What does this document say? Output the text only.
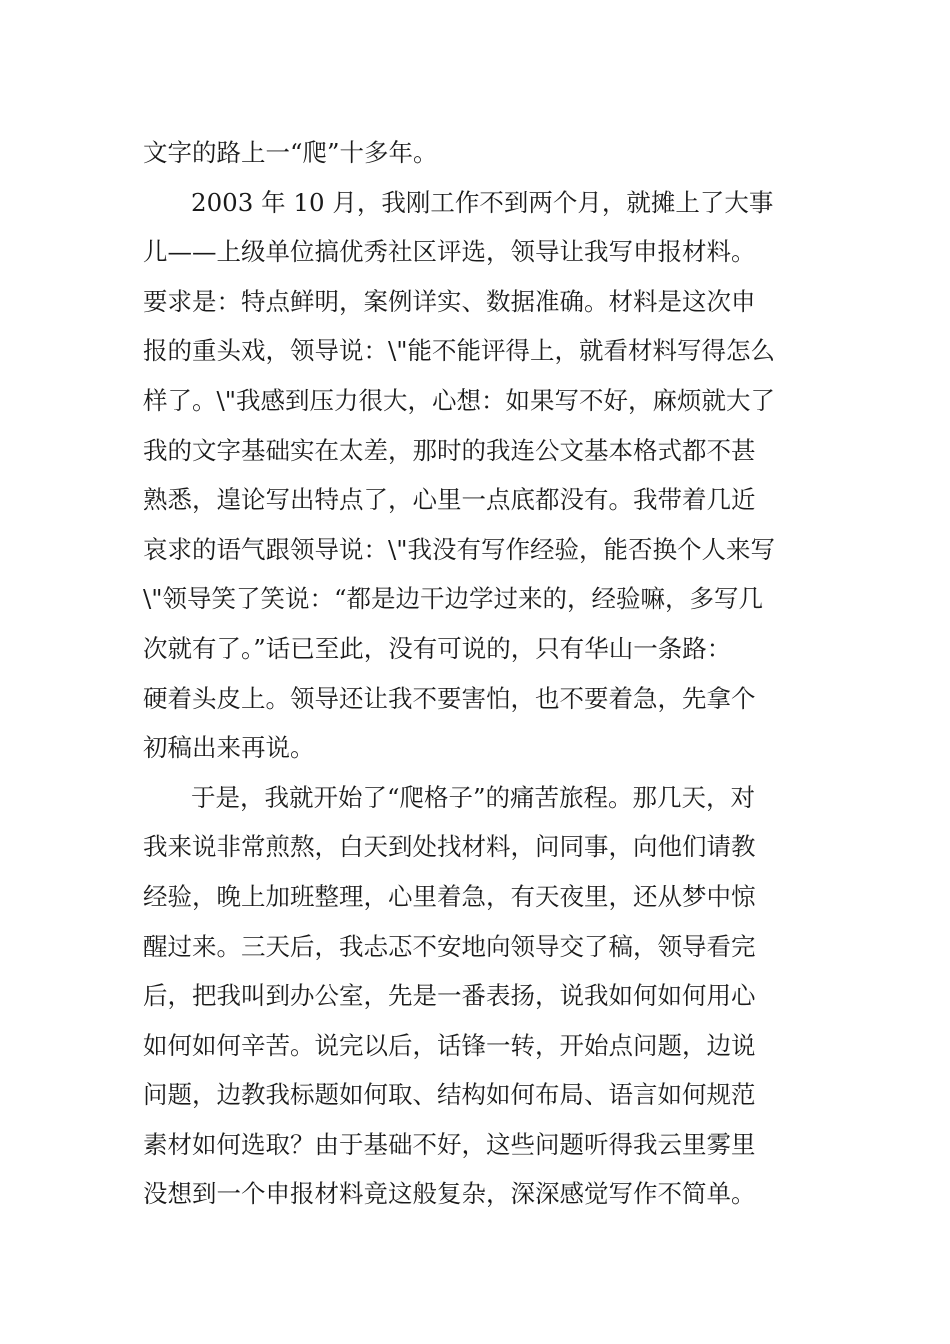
文字的路上一“爬”十多年。
2003 年 10 月，我刚工作不到两个月，就摊上了大事
儿——上级单位搞优秀社区评选，领导让我写申报材料。
要求是：特点鲜明，案例详实、数据准确。材料是这次申
报的重头戏，领导说：\"能不能评得上，就看材料写得怎么
样了。\"我感到压力很大，心想：如果写不好，麻烦就大了
我的文字基础实在太差，那时的我连公文基本格式都不甚
熟悉，遑论写出特点了，心里一点底都没有。我带着几近
哀求的语气跟领导说：\"我没有写作经验，能否换个人来写
\"领导笑了笑说：“都是边干边学过来的，经验嘛，多写几
次就有了。”话已至此，没有可说的，只有华山一条路：
硬着头皮上。领导还让我不要害怕，也不要着急，先拿个
初稿出来再说。
于是，我就开始了“爬格子”的痛苦旅程。那几天，对
我来说非常煎熬，白天到处找材料，问同事，向他们请教
经验，晚上加班整理，心里着急，有天夜里，还从梦中惊
醒过来。三天后，我忐忑不安地向领导交了稿，领导看完
后，把我叫到办公室，先是一番表扬，说我如何如何用心
如何如何辛苦。说完以后，话锋一转，开始点问题，边说
问题，边教我标题如何取、结构如何布局、语言如何规范
素材如何选取？由于基础不好，这些问题听得我云里雾里
没想到一个申报材料竟这般复杂，深深感觉写作不简单。
